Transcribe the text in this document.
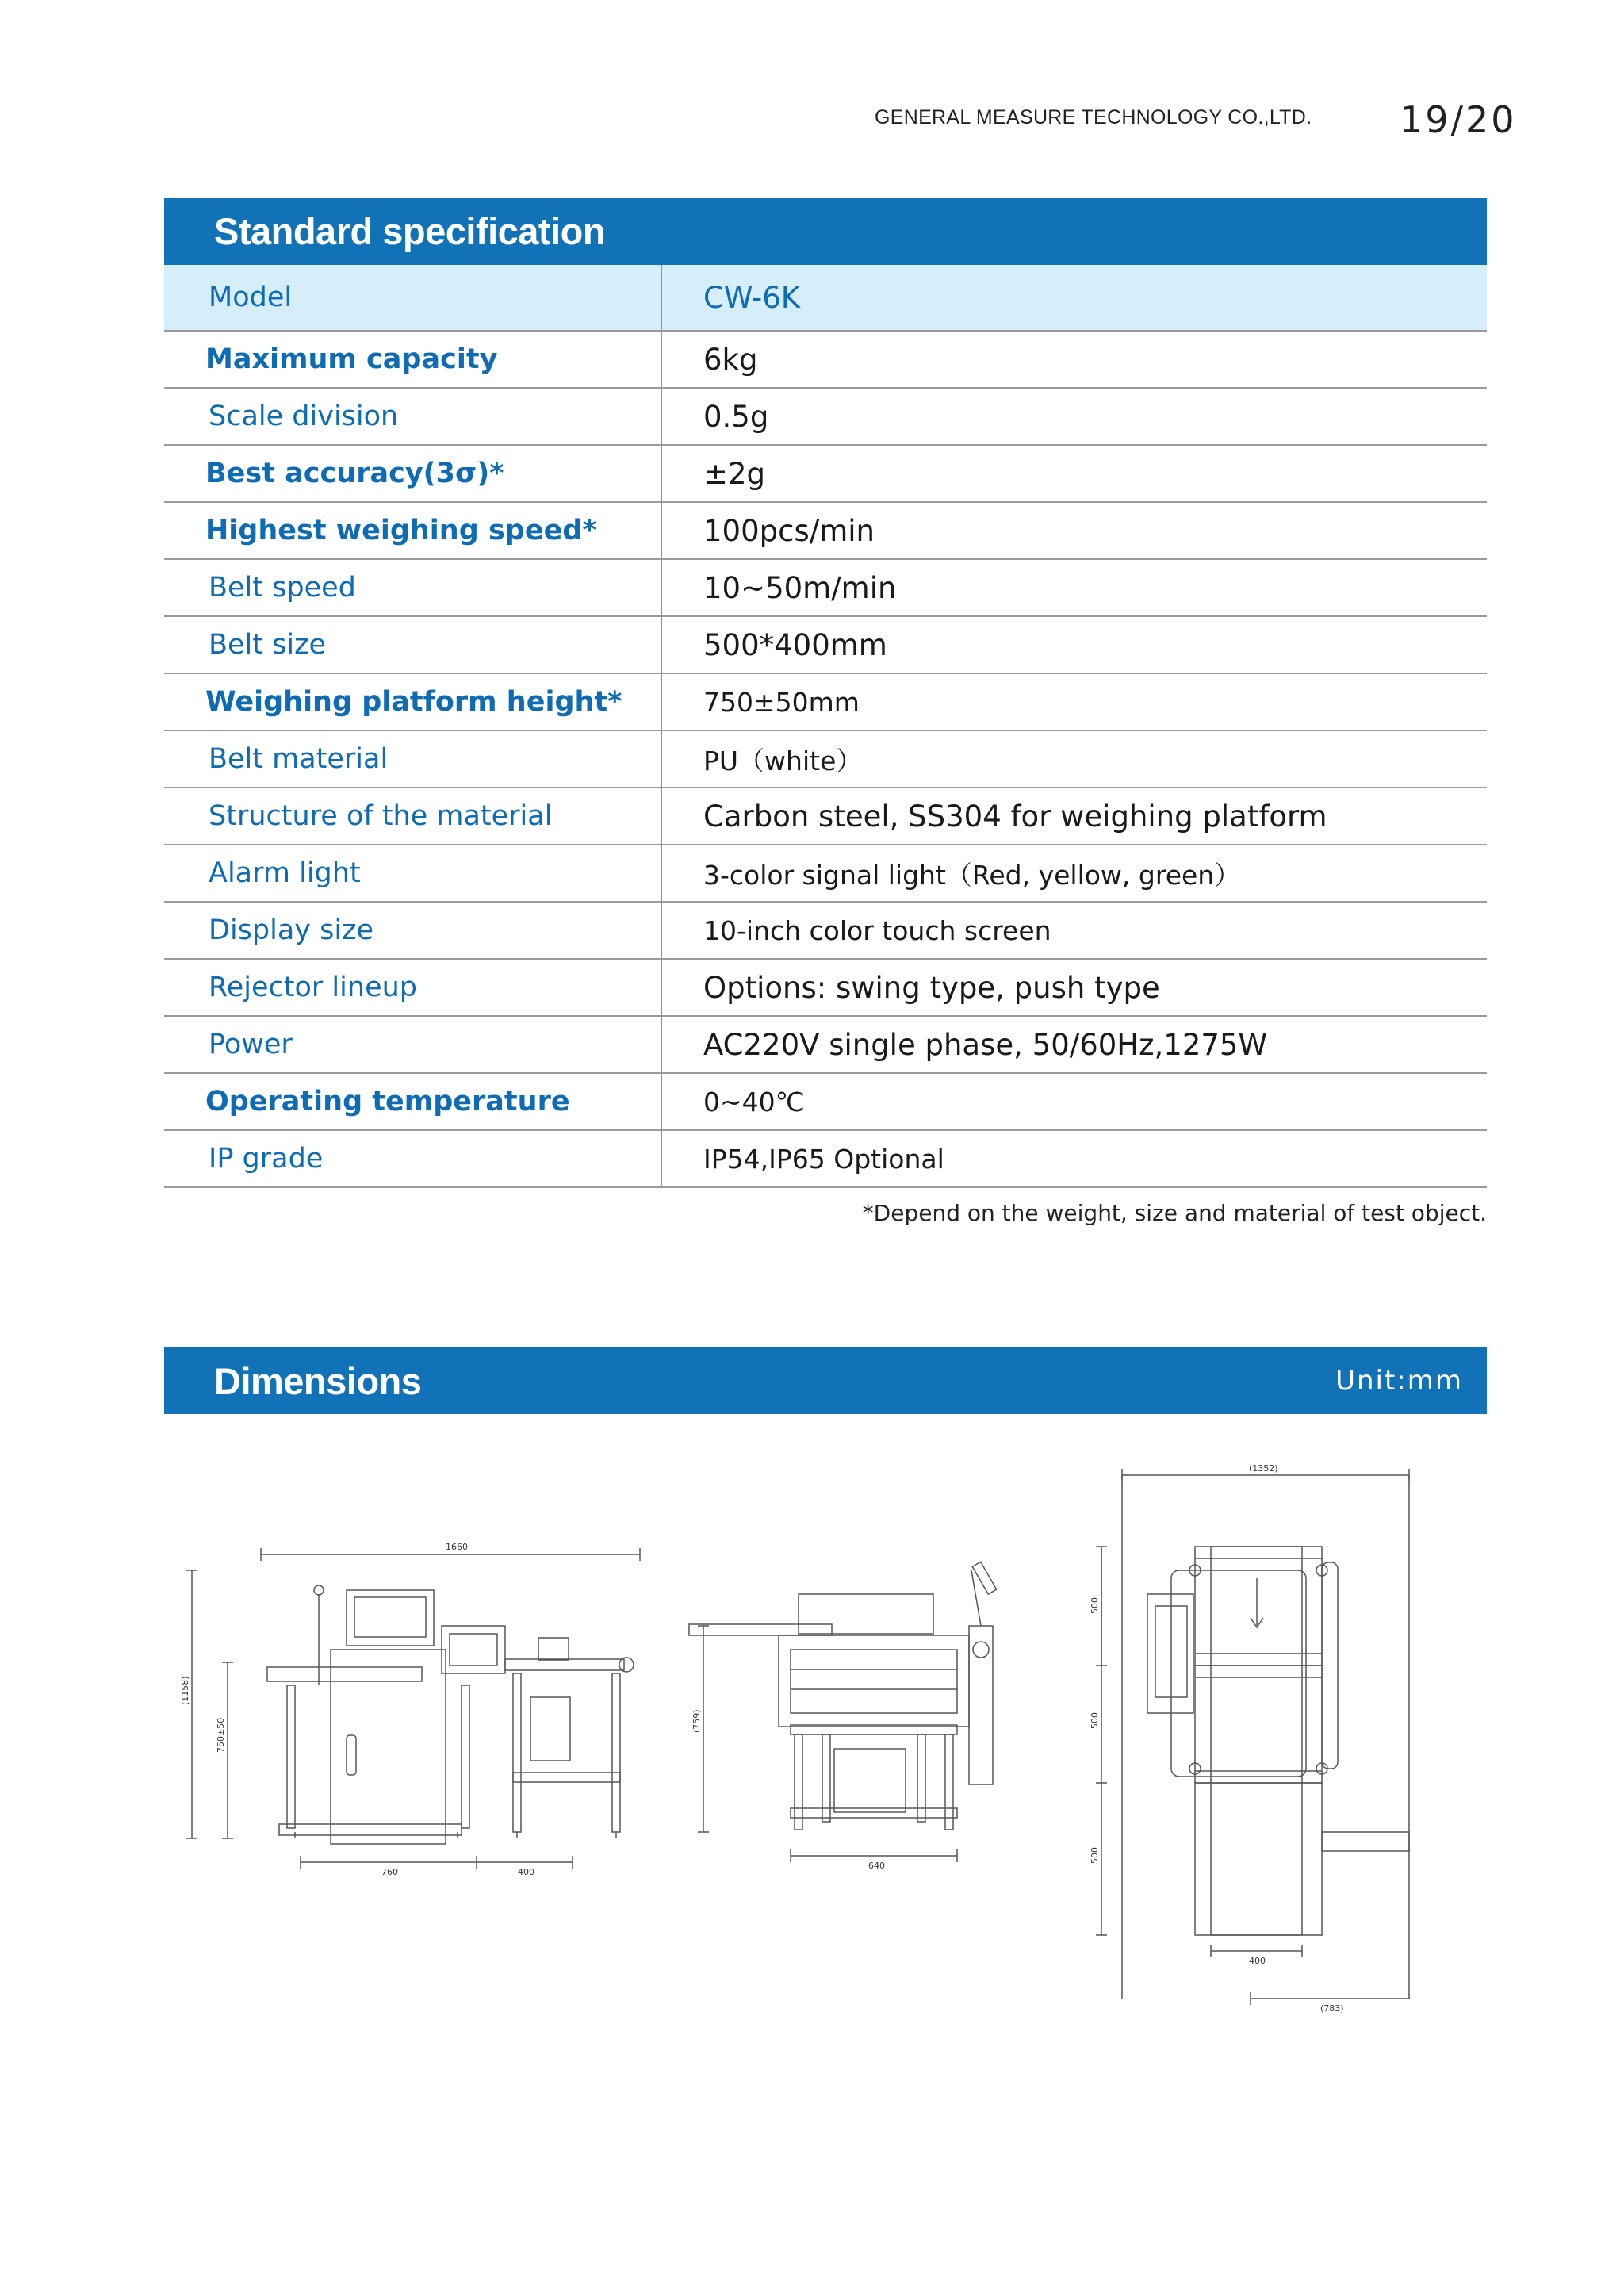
GENERAL MEASURE TECHNOLOGY CO.,LTD. 19/20
Standard specification
Model	CW-6K
Maximum capacity	6kg
Scale division	0.5g
Best accuracy(3σ)*	±2g
Highest weighing speed*	100pcs/min
Belt speed	10~50m/min
Belt size	500*400mm
Weighing platform height*	750±50mm
Belt material	PU（white）
Structure of the material	Carbon steel, SS304 for weighing platform
Alarm light	3-color signal light（Red, yellow, green）
Display size	10-inch color touch screen
Rejector lineup	Options: swing type, push type
Power	AC220V single phase, 50/60Hz,1275W
Operating temperature	0~40℃
IP grade	IP54,IP65 Optional
*Depend on the weight, size and material of test object.
Dimensions	Unit:mm
1660
(1158)
750±50
760	400
(759)
640
(1352)
500
500
500
400
(783)
